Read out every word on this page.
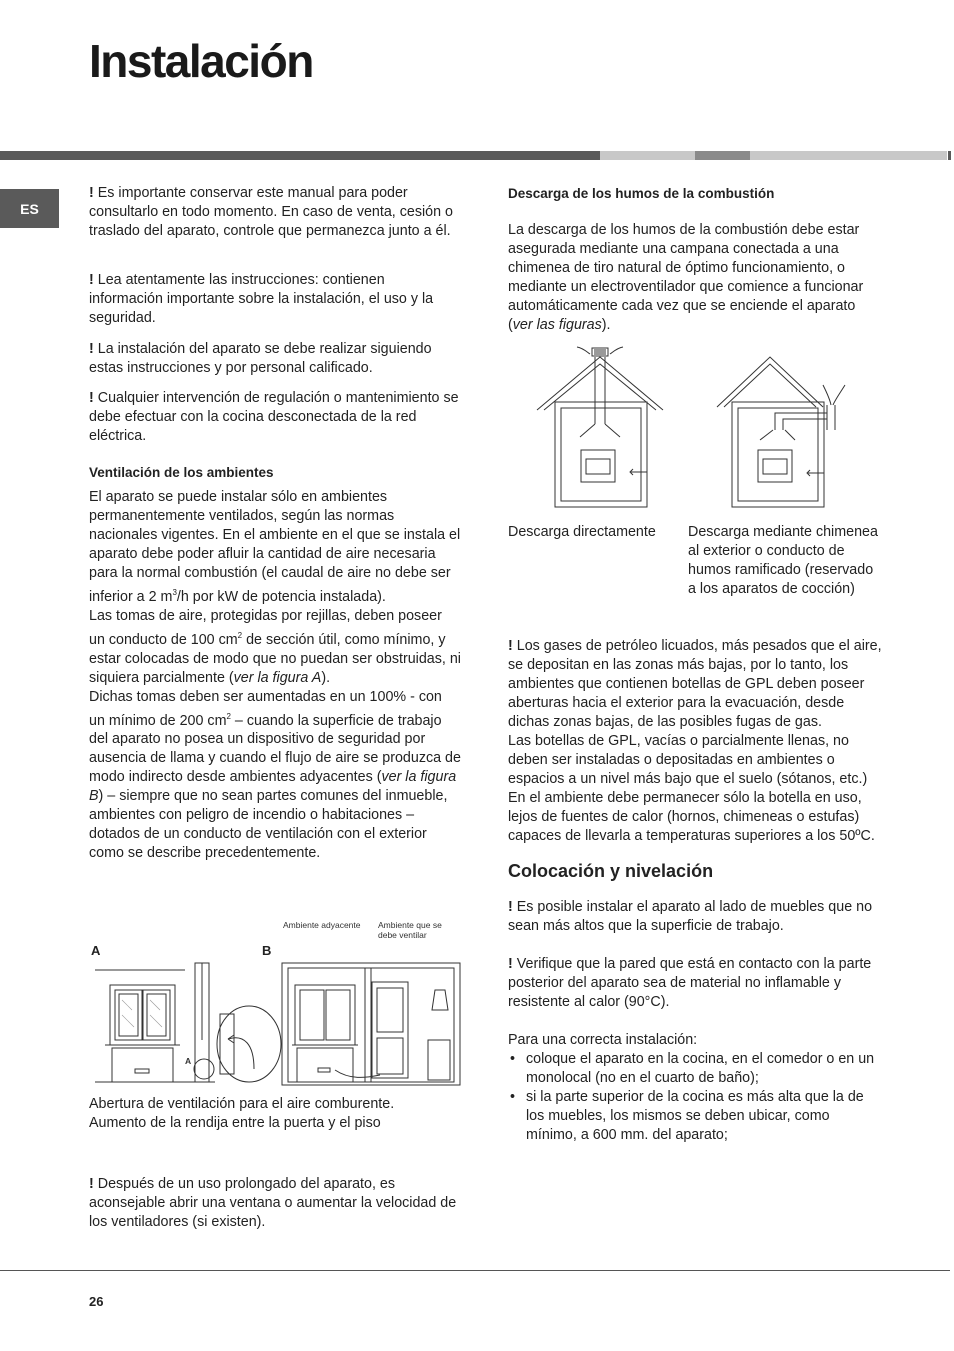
Instalación
ES

! Es importante conservar este manual para poder consultarlo en todo momento. En caso de venta, cesión o traslado del aparato, controle que permanezca junto a él.

! Lea atentamente las instrucciones: contienen información importante sobre la instalación, el uso y la seguridad.

! La instalación del aparato se debe realizar siguiendo estas instrucciones y por personal calificado.

! Cualquier intervención de regulación o mantenimiento se debe efectuar con la cocina desconectada de la red eléctrica.

Ventilación de los ambientes

El aparato se puede instalar sólo en ambientes permanentemente ventilados, según las normas nacionales vigentes. En el ambiente en el que se instala el aparato debe poder afluir la cantidad de aire necesaria para la normal combustión (el caudal de aire no debe ser inferior a 2 $m^3/h$ por kW de potencia instalada).

Las tomas de aire, protegidas por rejillas, deben poseer un conducto de 100 $cm^2$ de sección útil, como mínimo, y estar colocadas de modo que no puedan ser obstruidas, ni siquiera parcialmente (ver la figura A).

Dichas tomas deben ser aumentadas en un 100% - con un mínimo de 200 $cm^2$ – cuando la superficie de trabajo del aparato no posea un dispositivo de seguridad por ausencia de llama y cuando el flujo de aire se produzca de modo indirecto desde ambientes adyacentes (ver la figura B) – siempre que no sean partes comunes del inmueble, ambientes con peligro de incendio o habitaciones – dotados de un conducto de ventilación con el exterior como se describe precedentemente.

Ambiente adyacente	Ambiente que se debe ventilar
A	B
A
Abertura de ventilación para el aire comburente.
Aumento de la rendija entre la puerta y el piso

! Después de un uso prolongado del aparato, es aconsejable abrir una ventana o aumentar la velocidad de los ventiladores (si existen).

Descarga de los humos de la combustión

La descarga de los humos de la combustión debe estar asegurada mediante una campana conectada a una chimenea de tiro natural de óptimo funcionamiento, o mediante un electroventilador que comience a funcionar automáticamente cada vez que se enciende el aparato (ver las figuras).

Descarga directamente	Descarga mediante chimenea al exterior o conducto de humos ramificado (reservado a los aparatos de cocción)

! Los gases de petróleo licuados, más pesados que el aire, se depositan en las zonas más bajas, por lo tanto, los ambientes que contienen botellas de GPL deben poseer aberturas hacia el exterior para la evacuación, desde dichas zonas bajas, de las posibles fugas de gas.

Las botellas de GPL, vacías o parcialmente llenas, no deben ser instaladas o depositadas en ambientes o espacios a un nivel más bajo que el suelo (sótanos, etc.) En el ambiente debe permanecer sólo la botella en uso, lejos de fuentes de calor (hornos, chimeneas o estufas) capaces de llevarla a temperaturas superiores a los 50ºC.

Colocación y nivelación

! Es posible instalar el aparato al lado de muebles que no sean más altos que la superficie de trabajo.

! Verifique que la pared que está en contacto con la parte posterior del aparato sea de material no inflamable y resistente al calor (90°C).

Para una correcta instalación:

• coloque el aparato en la cocina, en el comedor o en un monolocal (no en el cuarto de baño);
• si la parte superior de la cocina es más alta que la de los muebles, los mismos se deben ubicar, como mínimo, a 600 mm. del aparato;
26
